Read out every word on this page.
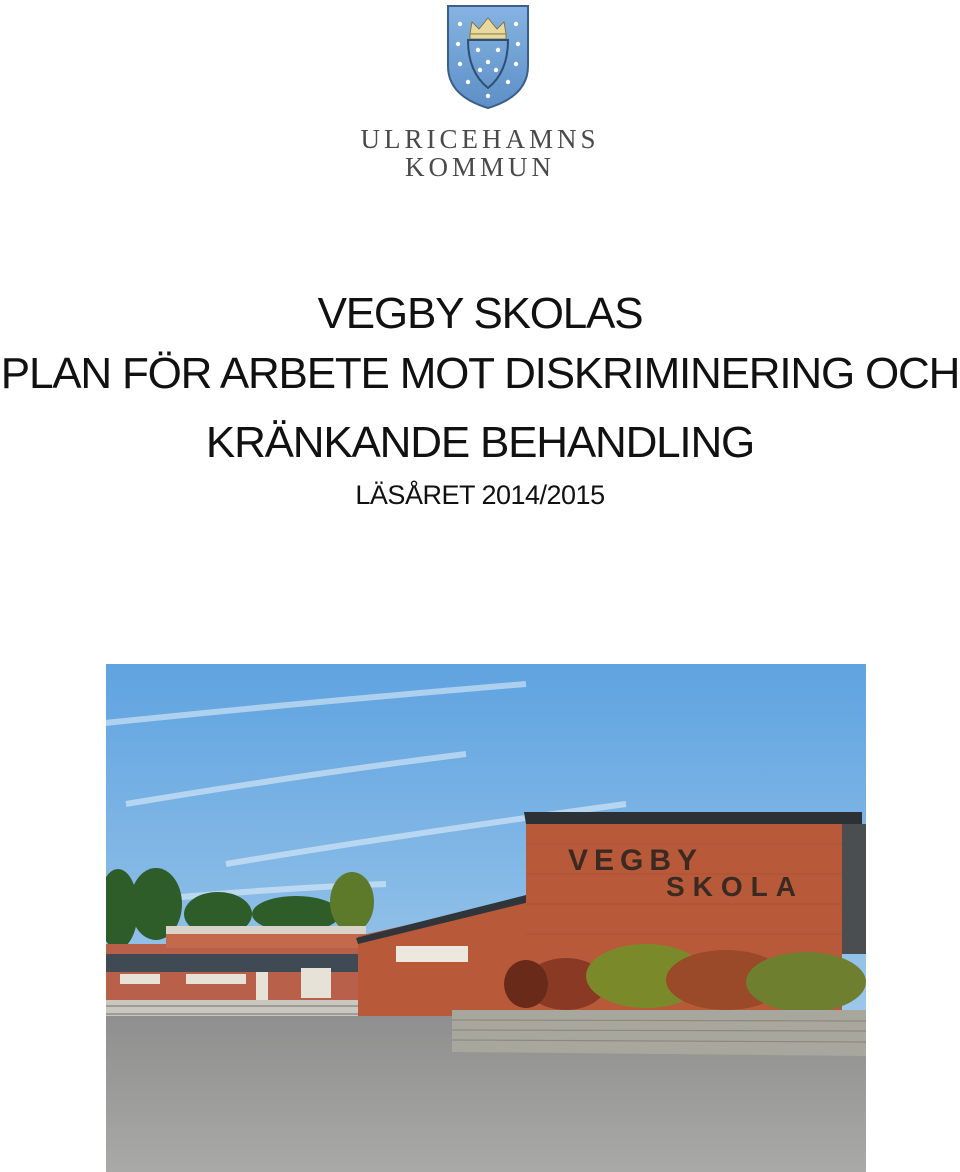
ULRICEHAMNS
KOMMUN
VEGBY SKOLAS
PLAN FÖR ARBETE MOT DISKRIMINERING OCH
KRÄNKANDE BEHANDLING
LÄSÅRET 2014/2015
VEGBY
SKOLA
